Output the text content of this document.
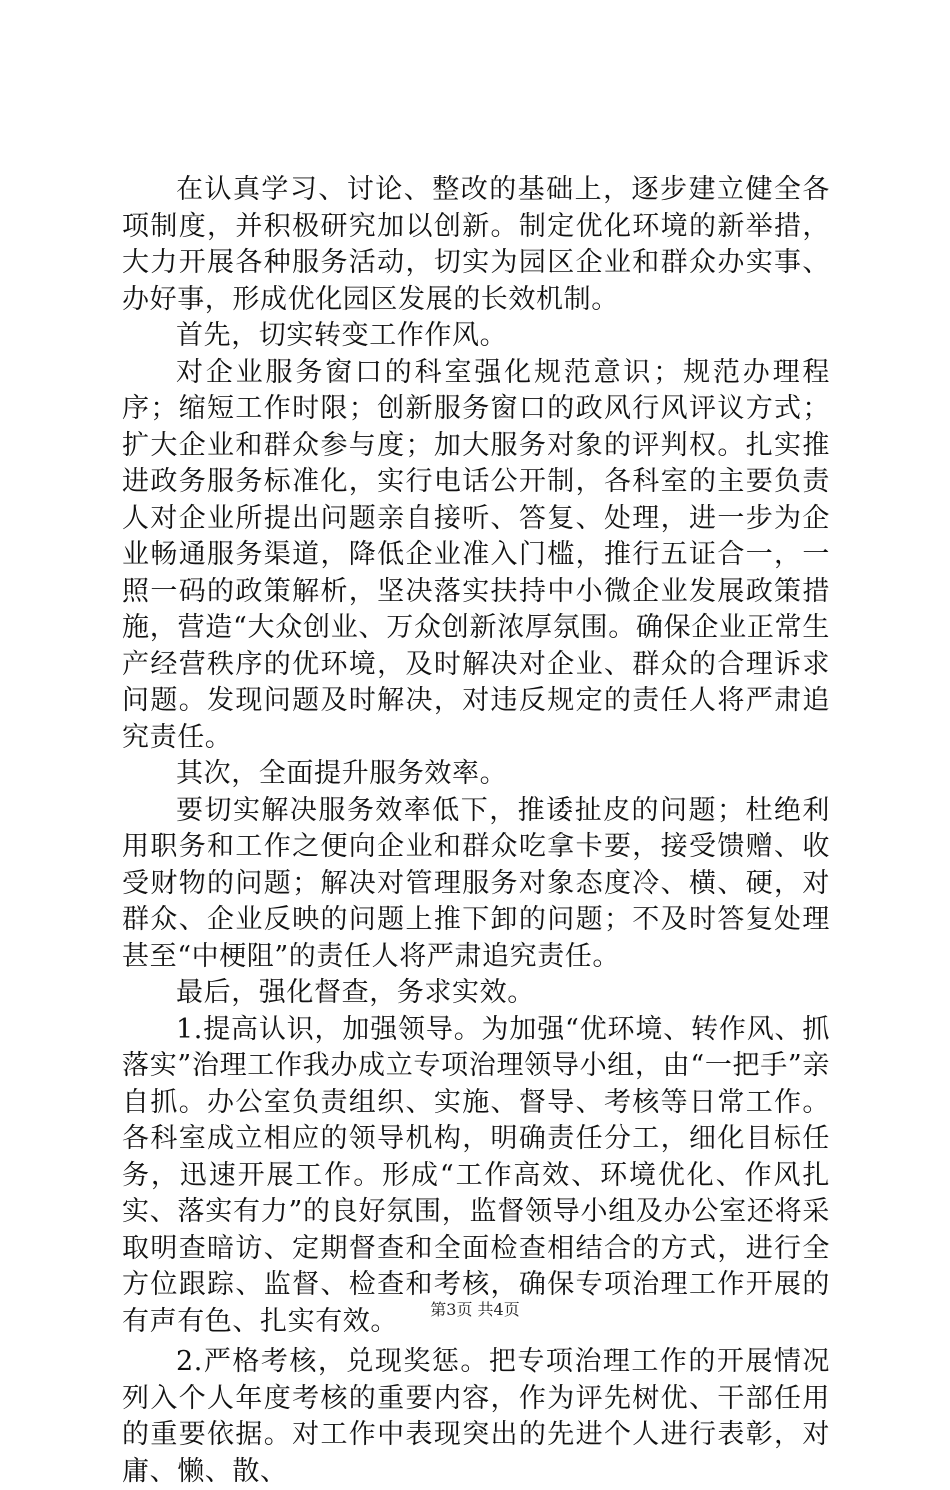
在认真学习、讨论、整改的基础上，逐步建立健全各项制度，并积极研究加以创新。制定优化环境的新举措，大力开展各种服务活动，切实为园区企业和群众办实事、办好事，形成优化园区发展的长效机制。

首先，切实转变工作作风。

对企业服务窗口的科室强化规范意识；规范办理程序；缩短工作时限；创新服务窗口的政风行风评议方式；扩大企业和群众参与度；加大服务对象的评判权。扎实推进政务服务标准化，实行电话公开制，各科室的主要负责人对企业所提出问题亲自接听、答复、处理，进一步为企业畅通服务渠道，降低企业准入门槛，推行五证合一，一照一码的政策解析，坚决落实扶持中小微企业发展政策措施，营造“大众创业、万众创新浓厚氛围。确保企业正常生产经营秩序的优环境，及时解决对企业、群众的合理诉求问题。发现问题及时解决，对违反规定的责任人将严肃追究责任。

其次，全面提升服务效率。

要切实解决服务效率低下，推诿扯皮的问题；杜绝利用职务和工作之便向企业和群众吃拿卡要，接受馈赠、收受财物的问题；解决对管理服务对象态度冷、横、硬，对群众、企业反映的问题上推下卸的问题；不及时答复处理甚至“中梗阻”的责任人将严肃追究责任。

最后，强化督查，务求实效。

1.提高认识，加强领导。为加强“优环境、转作风、抓落实”治理工作我办成立专项治理领导小组，由“一把手”亲自抓。办公室负责组织、实施、督导、考核等日常工作。各科室成立相应的领导机构，明确责任分工，细化目标任务，迅速开展工作。形成“工作高效、环境优化、作风扎实、落实有力”的良好氛围，监督领导小组及办公室还将采取明查暗访、定期督查和全面检查相结合的方式，进行全方位跟踪、监督、检查和考核，确保专项治理工作开展的有声有色、扎实有效。

2.严格考核，兑现奖惩。把专项治理工作的开展情况列入个人年度考核的重要内容，作为评先树优、干部任用的重要依据。对工作中表现突出的先进个人进行表彰，对庸、懒、散、

第3页 共4页
